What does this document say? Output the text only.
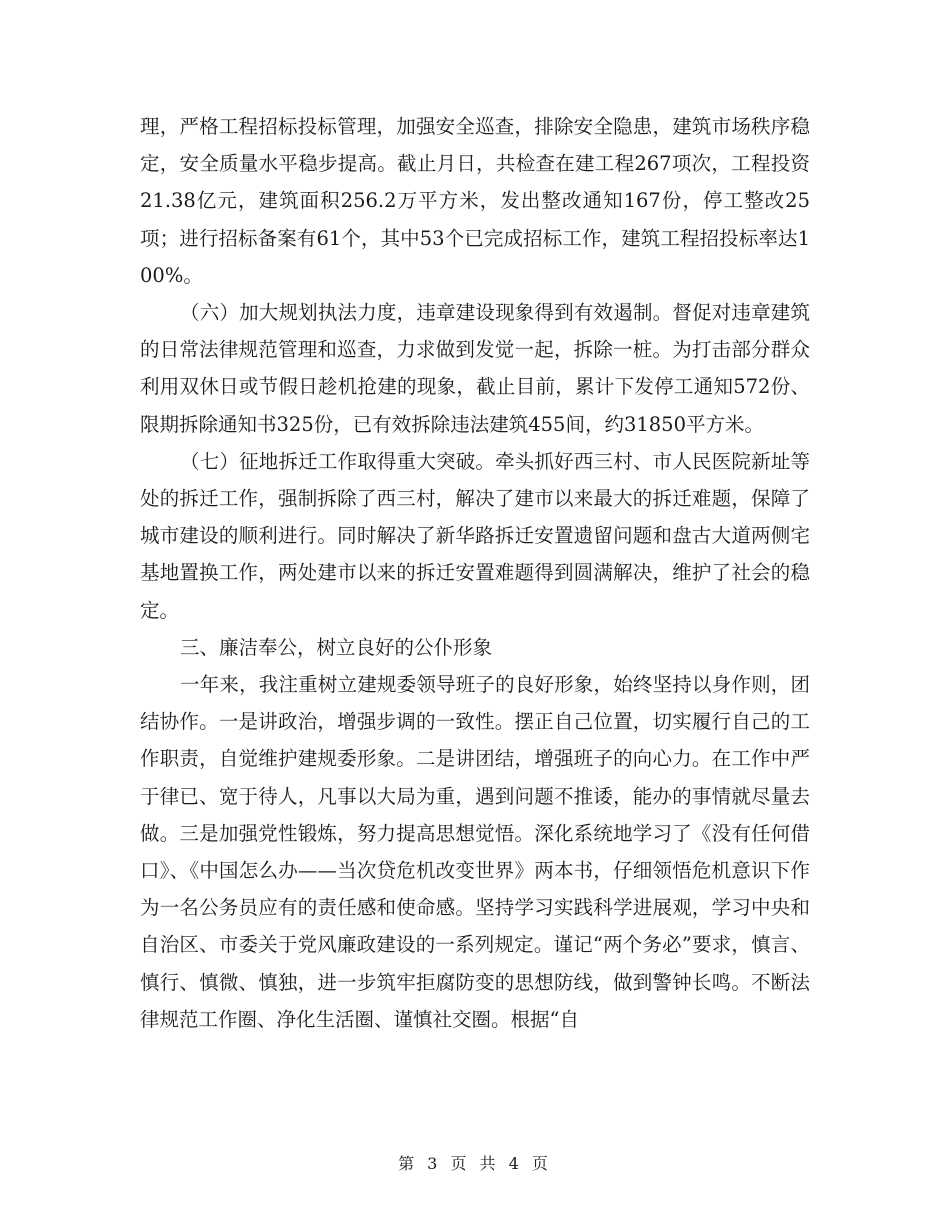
理，严格工程招标投标管理，加强安全巡查，排除安全隐患，建筑市场秩序稳定，安全质量水平稳步提高。截止月日，共检查在建工程267项次，工程投资21.38亿元，建筑面积256.2万平方米，发出整改通知167份，停工整改25项；进行招标备案有61个，其中53个已完成招标工作，建筑工程招投标率达100%。

（六）加大规划执法力度，违章建设现象得到有效遏制。督促对违章建筑的日常法律规范管理和巡查，力求做到发觉一起，拆除一桩。为打击部分群众利用双休日或节假日趁机抢建的现象，截止目前，累计下发停工通知572份、限期拆除通知书325份，已有效拆除违法建筑455间，约31850平方米。

（七）征地拆迁工作取得重大突破。牵头抓好西三村、市人民医院新址等处的拆迁工作，强制拆除了西三村，解决了建市以来最大的拆迁难题，保障了城市建设的顺利进行。同时解决了新华路拆迁安置遗留问题和盘古大道两侧宅基地置换工作，两处建市以来的拆迁安置难题得到圆满解决，维护了社会的稳定。

三、廉洁奉公，树立良好的公仆形象

一年来，我注重树立建规委领导班子的良好形象，始终坚持以身作则，团结协作。一是讲政治，增强步调的一致性。摆正自己位置，切实履行自己的工作职责，自觉维护建规委形象。二是讲团结，增强班子的向心力。在工作中严于律已、宽于待人，凡事以大局为重，遇到问题不推诿，能办的事情就尽量去做。三是加强党性锻炼，努力提高思想觉悟。深化系统地学习了《没有任何借口》、《中国怎么办——当次贷危机改变世界》两本书，仔细领悟危机意识下作为一名公务员应有的责任感和使命感。坚持学习实践科学进展观，学习中央和自治区、市委关于党风廉政建设的一系列规定。谨记“两个务必”要求，慎言、慎行、慎微、慎独，进一步筑牢拒腐防变的思想防线，做到警钟长鸣。不断法律规范工作圈、净化生活圈、谨慎社交圈。根据“自

第 3 页 共 4 页
